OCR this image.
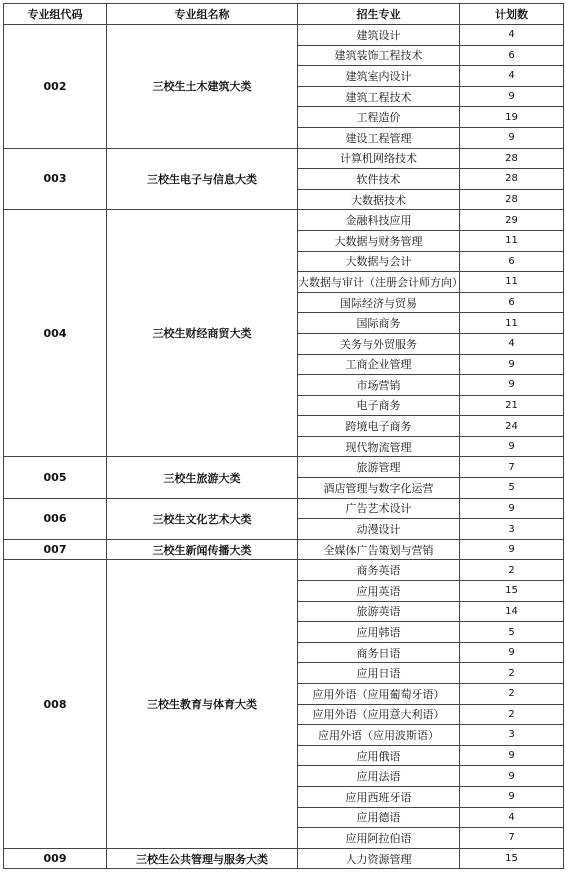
专业组代码	专业组名称	招生专业	计划数
002	三校生土木建筑大类	建筑设计	4
		建筑装饰工程技术	6
		建筑室内设计	4
		建筑工程技术	9
		工程造价	19
		建设工程管理	9
003	三校生电子与信息大类	计算机网络技术	28
		软件技术	28
		大数据技术	28
004	三校生财经商贸大类	金融科技应用	29
		大数据与财务管理	11
		大数据与会计	6
		大数据与审计（注册会计师方向）	11
		国际经济与贸易	6
		国际商务	11
		关务与外贸服务	4
		工商企业管理	9
		市场营销	9
		电子商务	21
		跨境电子商务	24
		现代物流管理	9
005	三校生旅游大类	旅游管理	7
		酒店管理与数字化运营	5
006	三校生文化艺术大类	广告艺术设计	9
		动漫设计	3
007	三校生新闻传播大类	全媒体广告策划与营销	9
008	三校生教育与体育大类	商务英语	2
		应用英语	15
		旅游英语	14
		应用韩语	5
		商务日语	9
		应用日语	2
		应用外语（应用葡萄牙语）	2
		应用外语（应用意大利语）	2
		应用外语（应用波斯语）	3
		应用俄语	9
		应用法语	9
		应用西班牙语	9
		应用德语	4
		应用阿拉伯语	7
009	三校生公共管理与服务大类	人力资源管理	15
